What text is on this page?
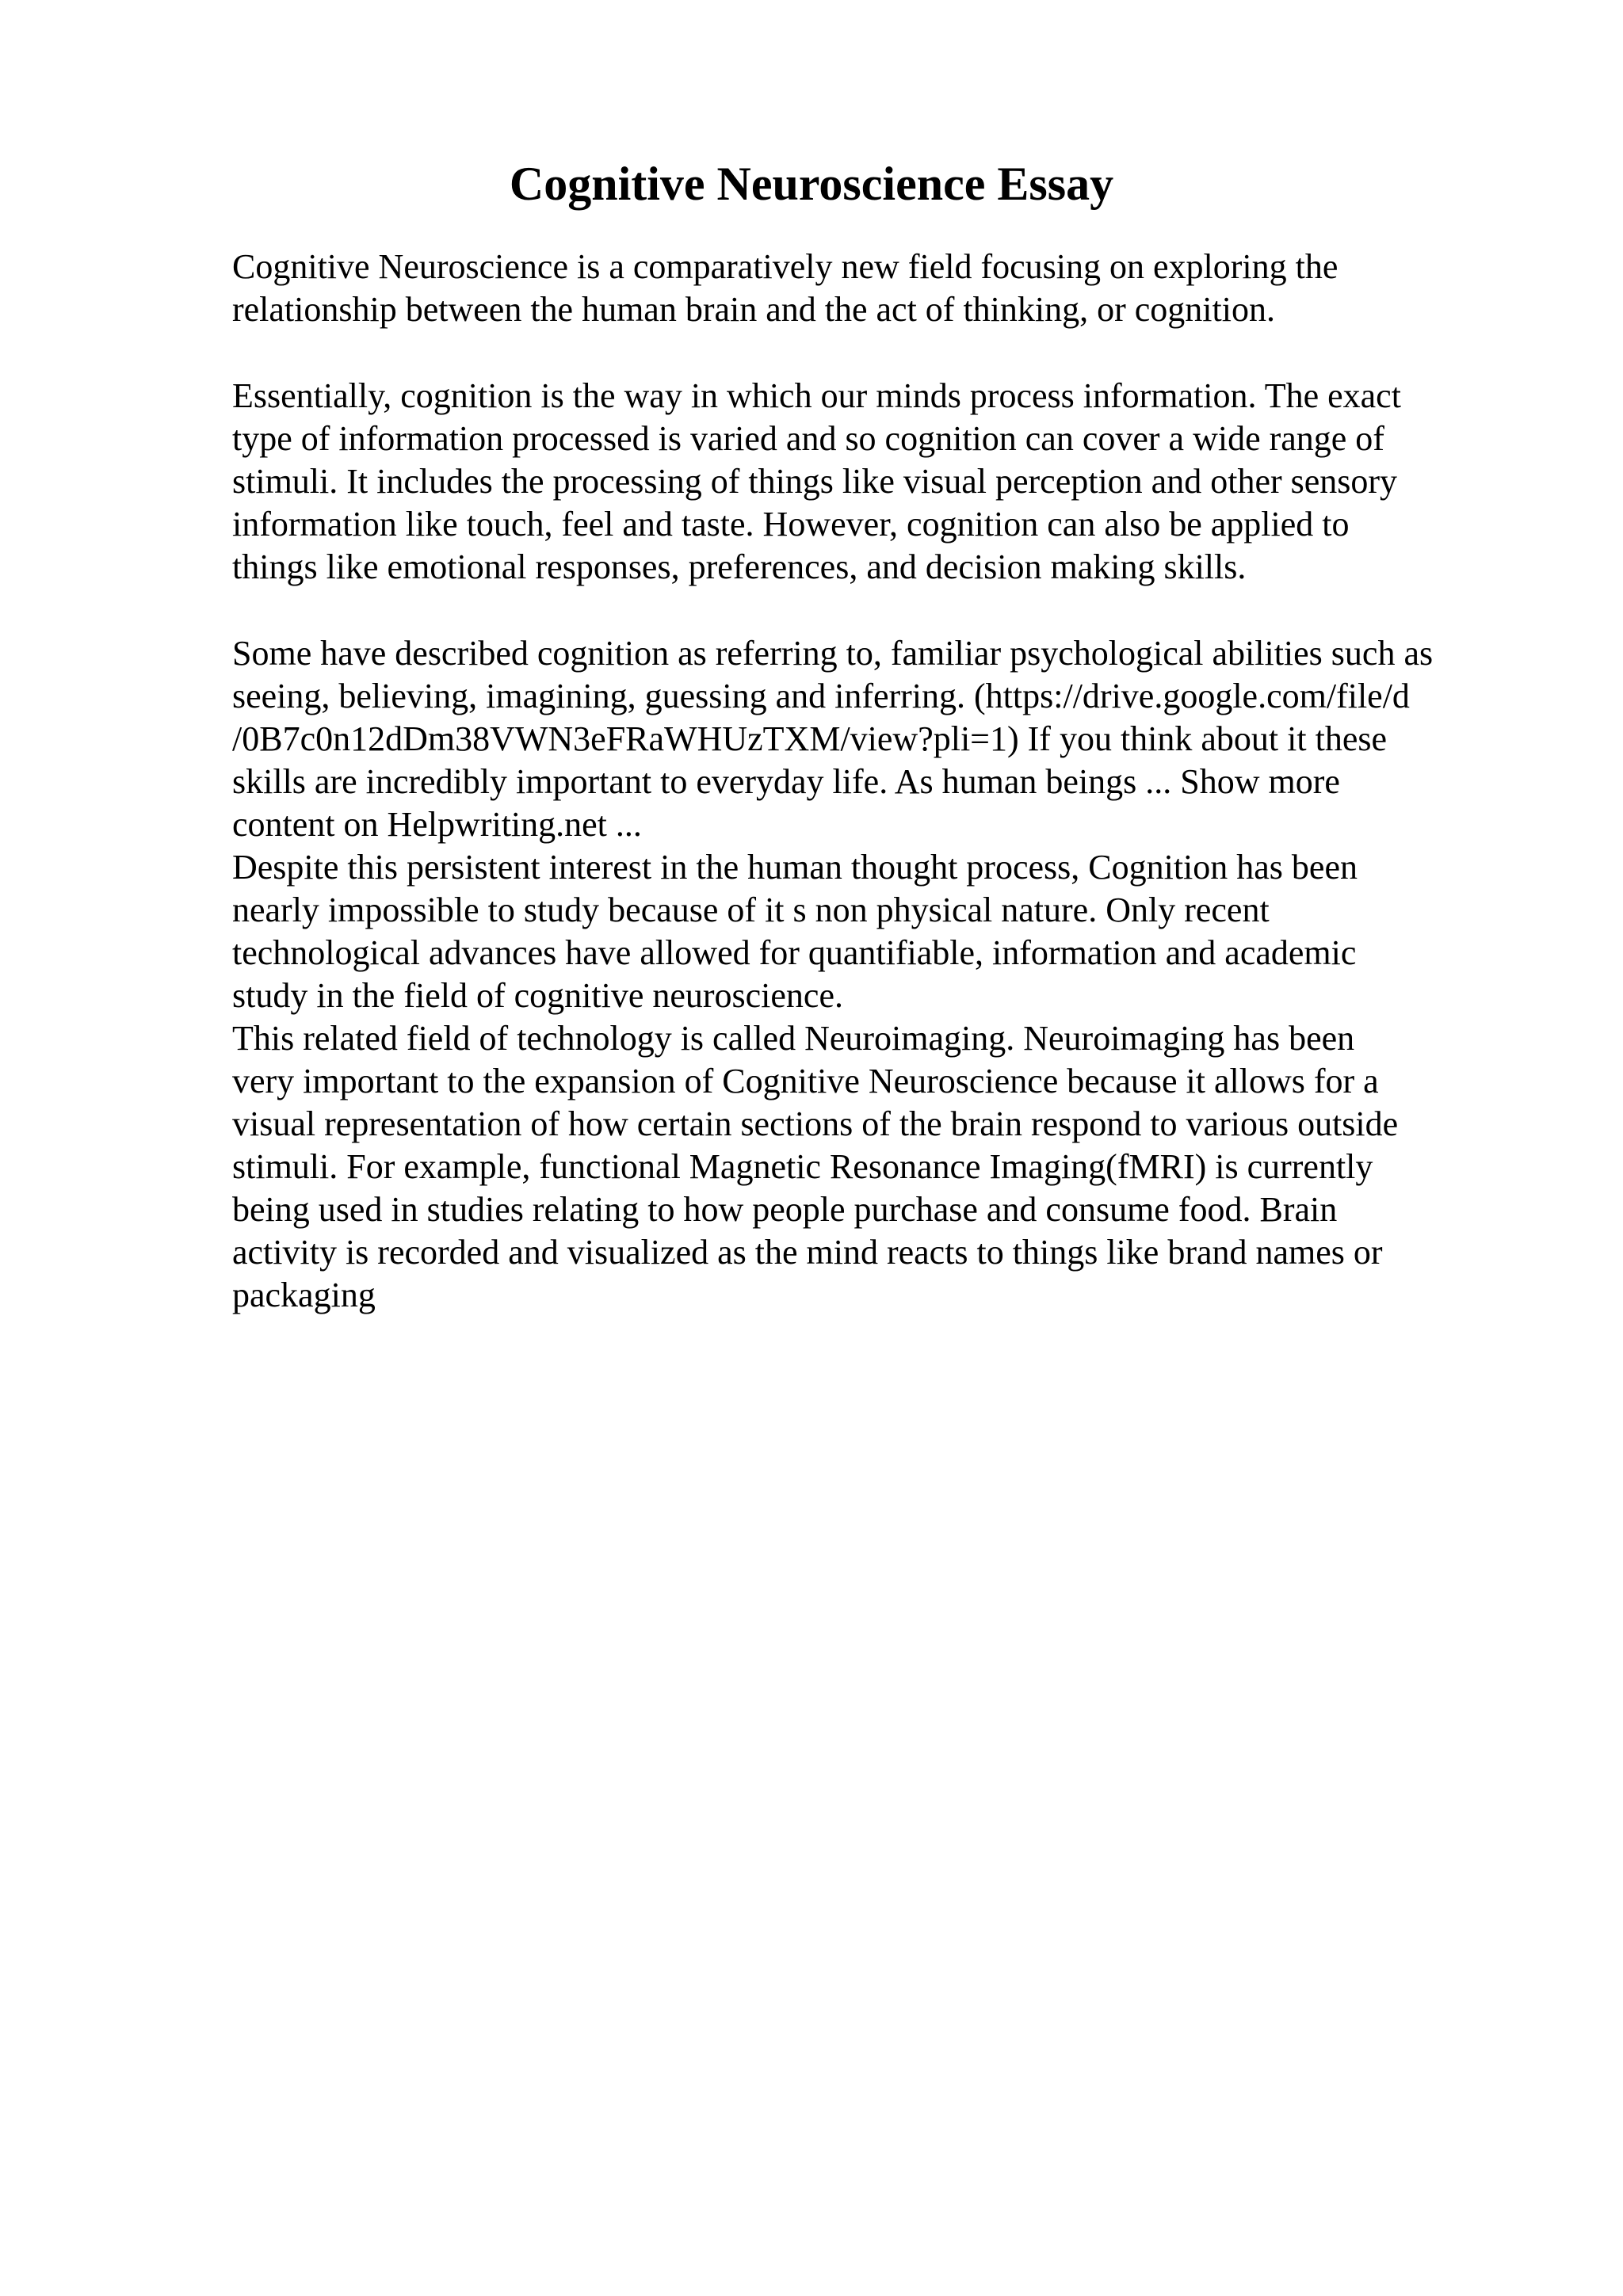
Cognitive Neuroscience Essay

Cognitive Neuroscience is a comparatively new field focusing on exploring the

relationship between the human brain and the act of thinking, or cognition.

Essentially, cognition is the way in which our minds process information. The exact

type of information processed is varied and so cognition can cover a wide range of

stimuli. It includes the processing of things like visual perception and other sensory

information like touch, feel and taste. However, cognition can also be applied to

things like emotional responses, preferences, and decision making skills.

Some have described cognition as referring to, familiar psychological abilities such as

seeing, believing, imagining, guessing and inferring. (https://drive.google.com/file/d

/0B7c0n12dDm38VWN3eFRaWHUzTXM/view?pli=1) If you think about it these

skills are incredibly important to everyday life. As human beings ... Show more

content on Helpwriting.net ...

Despite this persistent interest in the human thought process, Cognition has been

nearly impossible to study because of it s non physical nature. Only recent

technological advances have allowed for quantifiable, information and academic

study in the field of cognitive neuroscience.

This related field of technology is called Neuroimaging. Neuroimaging has been

very important to the expansion of Cognitive Neuroscience because it allows for a

visual representation of how certain sections of the brain respond to various outside

stimuli. For example, functional Magnetic Resonance Imaging(fMRI) is currently

being used in studies relating to how people purchase and consume food. Brain

activity is recorded and visualized as the mind reacts to things like brand names or

packaging
